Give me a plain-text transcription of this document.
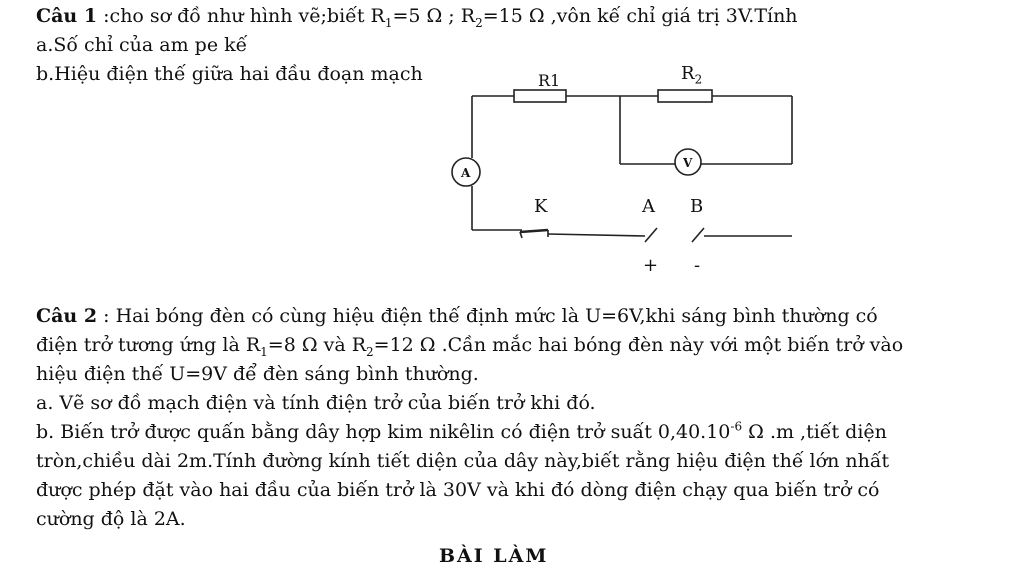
Câu 1 :cho sơ đồ như hình vẽ;biết $R_1=5$ Ω ; $R_2=15$ Ω ,vôn kế chỉ giá trị 3V.Tính
a.Số chỉ của am pe kế
b.Hiệu điện thế giữa hai đầu đoạn mạch	R1	$R_2$
V
A
K	A B
+ -
Câu 2 : Hai bóng đèn có cùng hiệu điện thế định mức là U=6V,khi sáng bình thường có
điện trở tương ứng là $R_1=8$ Ω và $R_2=12$ Ω .Cần mắc hai bóng đèn này với một biến trở vào
hiệu điện thế U=9V để đèn sáng bình thường.
a. Vẽ sơ đồ mạch điện và tính điện trở của biến trở khi đó.
b. Biến trở được quấn bằng dây hợp kim nikêlin có điện trở suất $0,40.10^{-6}$ Ω .m ,tiết diện
tròn,chiều dài 2m.Tính đường kính tiết diện của dây này,biết rằng hiệu điện thế lớn nhất
được phép đặt vào hai đầu của biến trở là 30V và khi đó dòng điện chạy qua biến trở có
cường độ là 2A.
BÀI LÀM
